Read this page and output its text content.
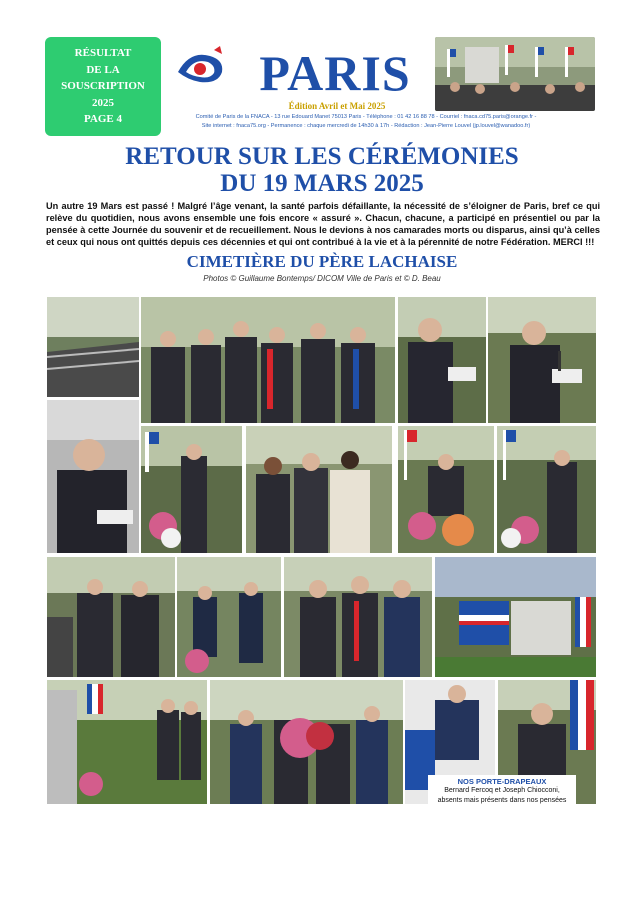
RÉSULTAT
DE LA
SOUSCRIPTION
2025
PAGE 4
PARIS
Édition Avril et Mai 2025
Comité de Paris de la FNACA - 13 rue Edouard Manet 75013 Paris - Téléphone : 01 42 16 88 78 - Courriel : fnaca.cd75.paris@orange.fr -
Site internet : fnaca75.org - Permanence : chaque mercredi de 14h30 à 17h - Rédaction : Jean-Pierre Louvel (jp.louvel@wanadoo.fr)
RETOUR SUR LES CÉRÉMONIES
DU 19 MARS 2025
Un autre 19 Mars est passé ! Malgré l’âge venant, la santé parfois défaillante, la nécessité de s’éloigner de Paris, bref ce qui relève du quotidien, nous avons ensemble une fois encore « assuré ». Chacun, chacune, a participé en présentiel ou par la pensée à cette Journée du souvenir et de recueillement. Nous le devions à nos camarades morts ou disparus, ainsi qu’à celles et ceux qui nous ont quittés depuis ces décennies et qui ont contribué à la vie et à la pérennité de notre Fédération. MERCI !!!
CIMETIÈRE DU PÈRE LACHAISE
Photos © Guillaume Bontemps/ DICOM Ville de Paris et © D. Beau
NOS PORTE-DRAPEAUX
Bernard Fercoq et Joseph Chiocconi,
absents mais présents dans nos pensées
